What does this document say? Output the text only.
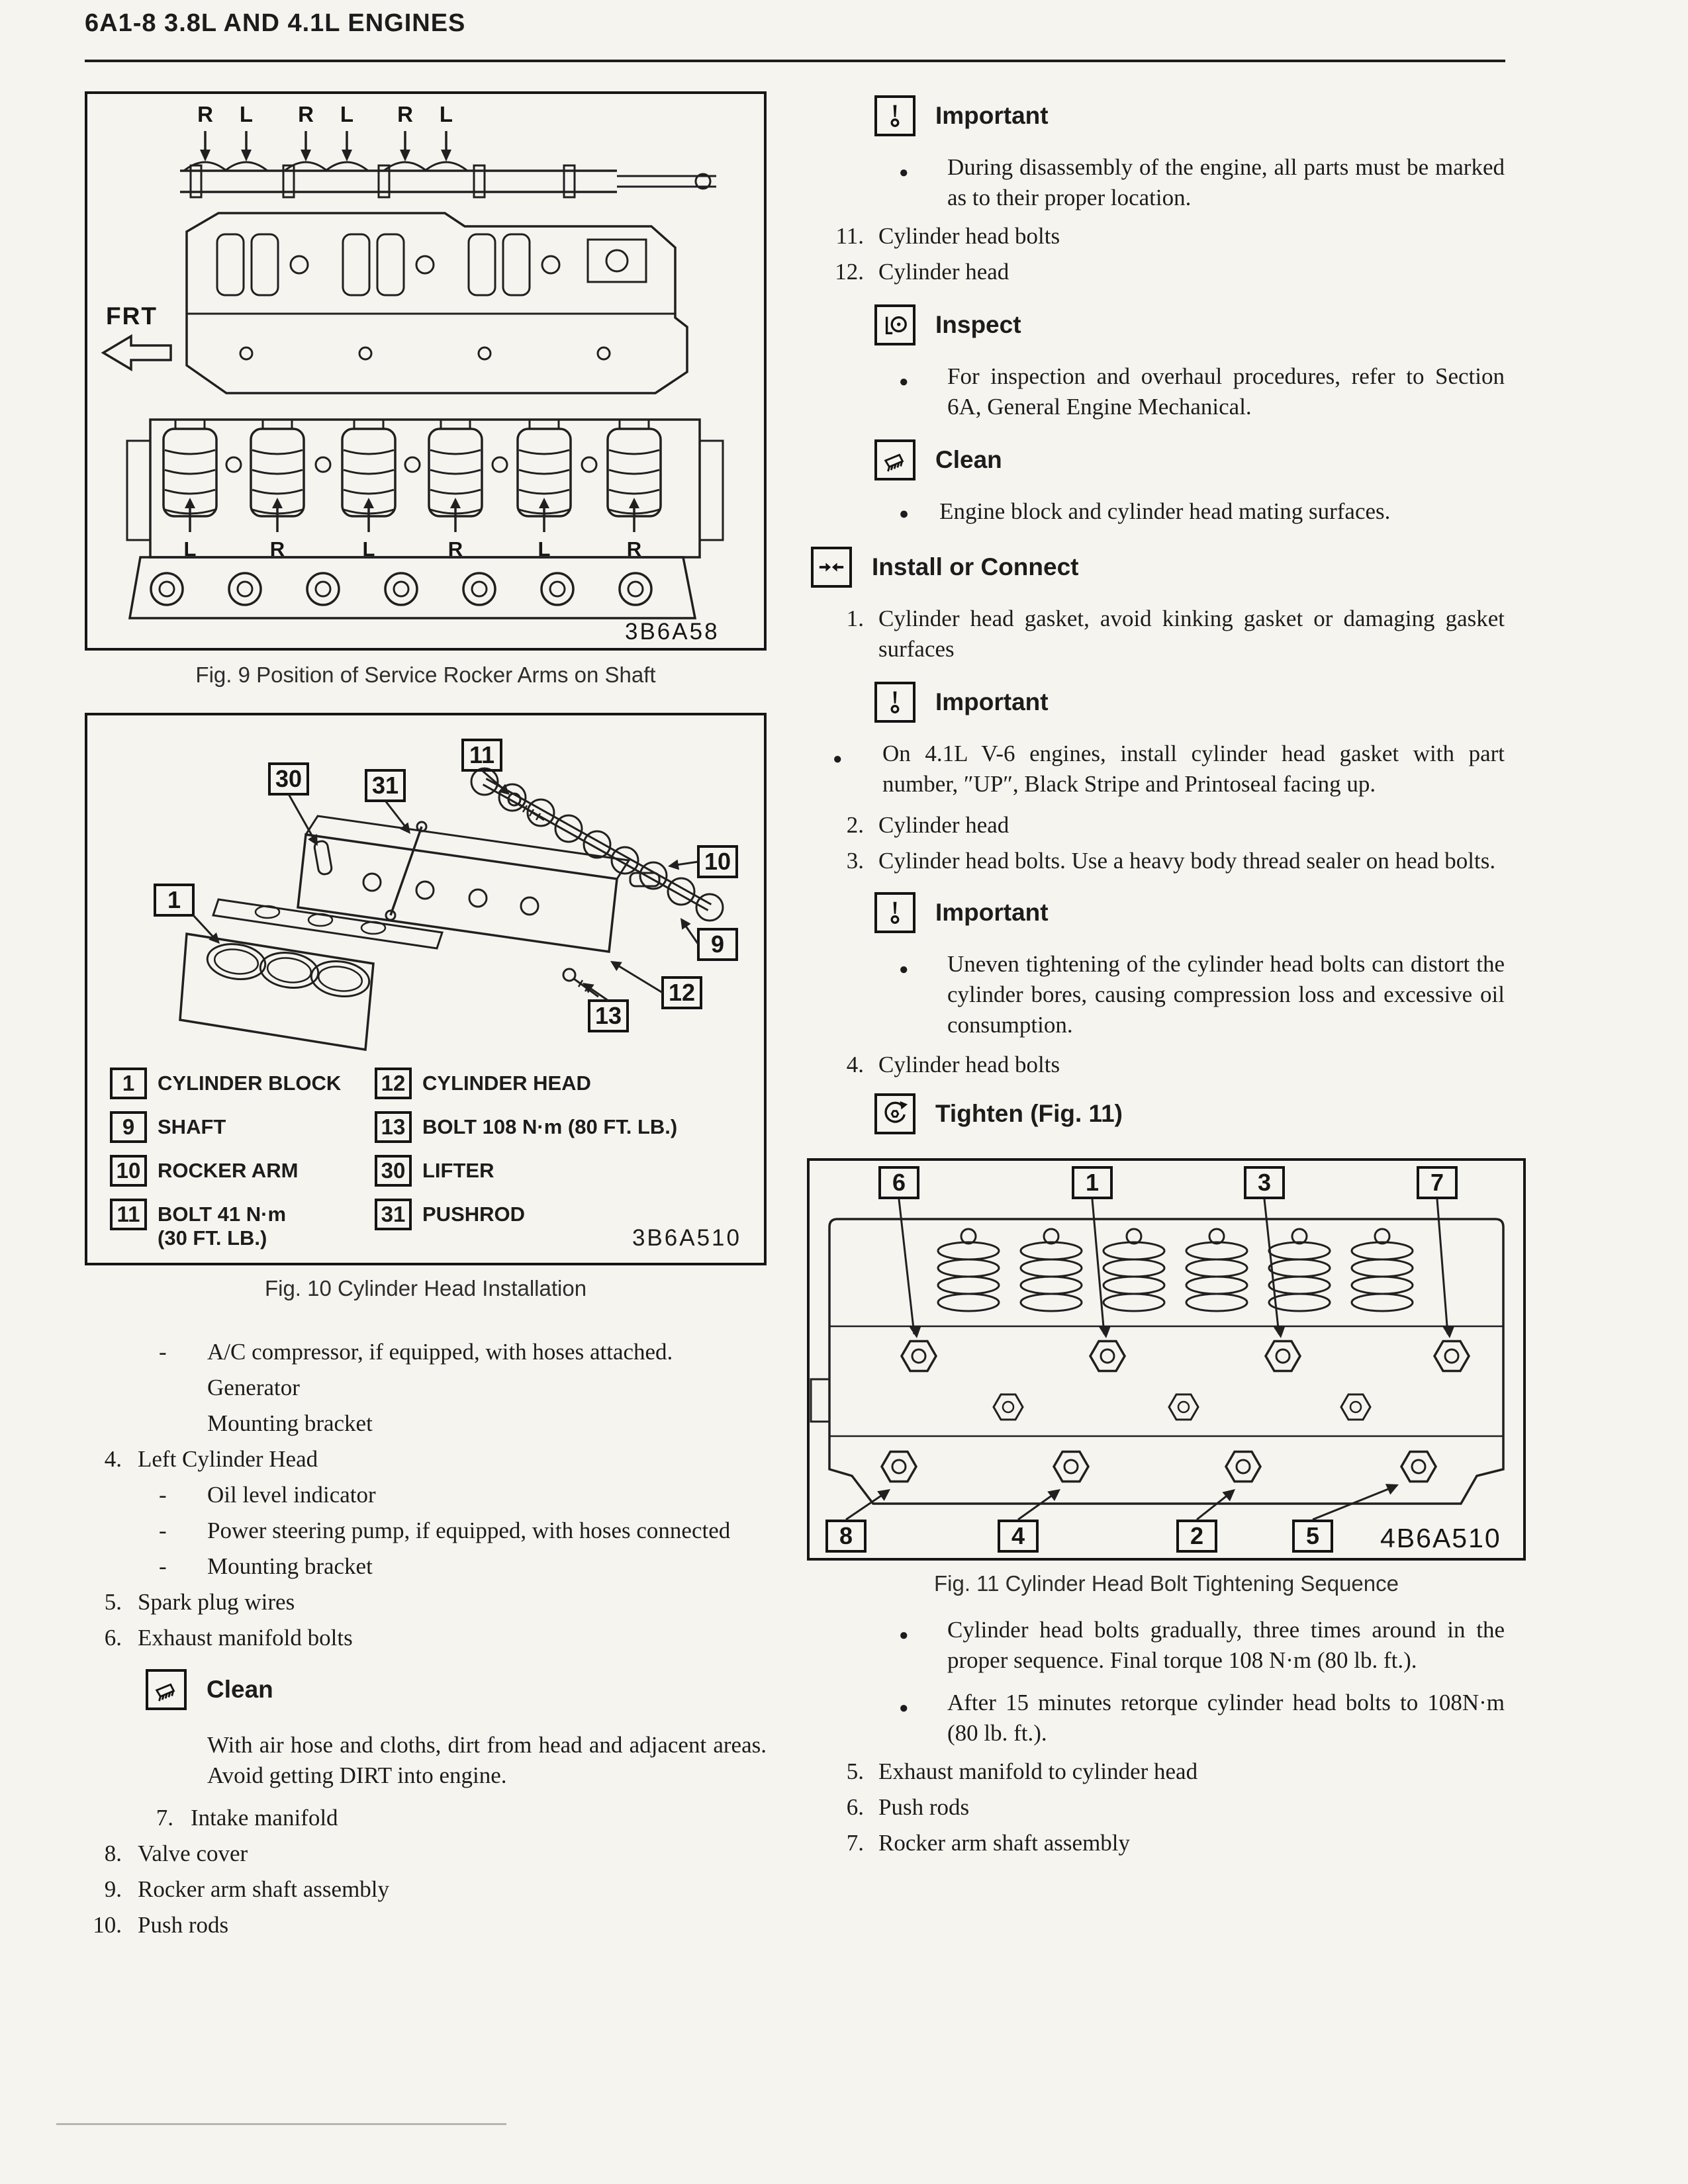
6A1-8 3.8L AND 4.1L ENGINES
R L R L R L
FRT
L	R	L	R	L	R
3B6A58
Fig. 9 Position of Service Rocker Arms on Shaft
30	31
11
10
1
9
12
13
1	CYLINDER BLOCK 12 CYLINDER HEAD
9	SHAFT	13 BOLT 108 N·m (80 FT. LB.)
10 ROCKER ARM	30 LIFTER
11 BOLT 41 N·m
(30 FT. LB.)
31 PUSHROD
3B6A510
Fig. 10 Cylinder Head Installation

- A/C compressor, if equipped, with hoses attached.

Generator

Mounting bracket

4. Left Cylinder Head

- Oil level indicator

- Power steering pump, if equipped, with hoses connected

- Mounting bracket

5. Spark plug wires

6. Exhaust manifold bolts

Clean

With air hose and cloths, dirt from head and adjacent areas. Avoid getting DIRT into engine.

7. Intake manifold

8. Valve cover

9. Rocker arm shaft assembly

10. Push rods

Important

● During disassembly of the engine, all parts must be marked as to their proper location.

11. Cylinder head bolts

12. Cylinder head

Inspect

● For inspection and overhaul procedures, refer to Section 6A, General Engine Mechanical.

Clean

● Engine block and cylinder head mating surfaces.

Install or Connect

1. Cylinder head gasket, avoid kinking gasket or damaging gasket surfaces

Important

● On 4.1L V-6 engines, install cylinder head gasket with part number, ″UP″, Black Stripe and Printoseal facing up.

2. Cylinder head

3. Cylinder head bolts. Use a heavy body thread sealer on head bolts.

Important

● Uneven tightening of the cylinder head bolts can distort the cylinder bores, causing compression loss and excessive oil consumption.

4. Cylinder head bolts

Tighten (Fig. 11)
6	1	3	7
8	4	2	5 4B6A510
Fig. 11 Cylinder Head Bolt Tightening Sequence

● Cylinder head bolts gradually, three times around in the proper sequence. Final torque 108 N·m (80 lb. ft.).

● After 15 minutes retorque cylinder head bolts to 108N·m (80 lb. ft.).

5. Exhaust manifold to cylinder head

6. Push rods

7. Rocker arm shaft assembly
